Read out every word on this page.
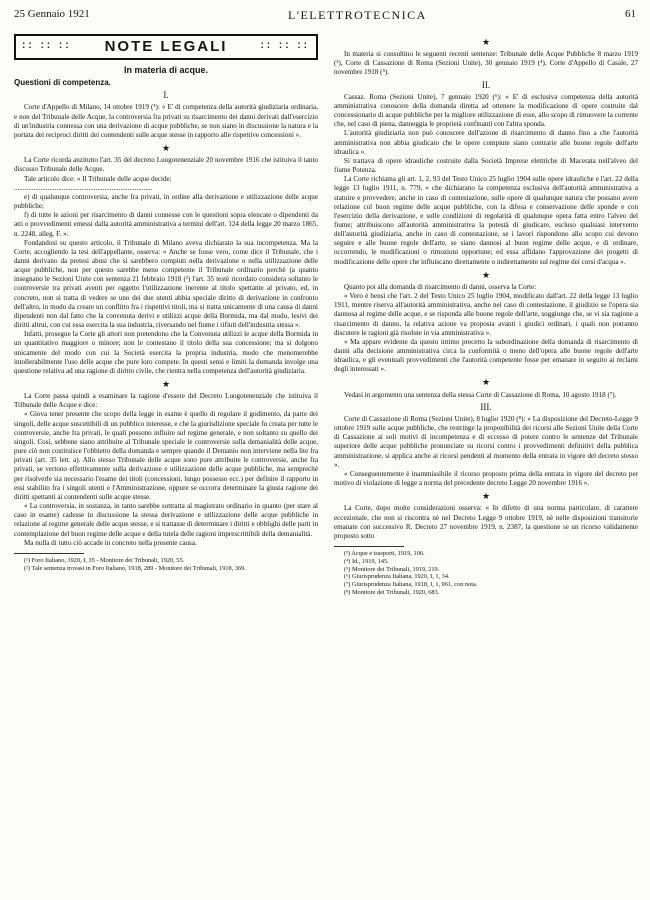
25 Gennaio 1921	L'ELETTROTECNICA	61
:: :: :: NOTE LEGALI	:: :: ::
In materia di acque.
Questioni di competenza.
I.

Corte d'Appello di Milano, 14 ottobre 1919 (¹): « E' di competenza della autorità giudiziaria ordinaria, e non del Tribunale delle Acque, la controversia fra privati su risarcimento dei danni derivati dall'esercizio di un'industria connessa con una derivazione di acque pubbliche, se non siano in discussione la natura e la portata dei reciproci diritti dei contendenti sulle acque stesse in rapporto alle rispettive concessioni ».

★

La Corte ricorda anzitutto l'art. 35 del decreto Luogotenenziale 20 novembre 1916 che istituiva il tanto discusso Tribunale delle Acque.

Tale articolo dice: « Il Tribunale delle acque decide:

..............................................................................

e) di qualunque controversia, anche fra privati, in ordine alla derivazione e utilizzazione delle acque pubbliche;

f) di tutte le azioni per risarcimento di danni connesse con le questioni sopra elencate o dipendenti da atti o provvedimenti emessi dalla autorità amministrativa a termini dell'art. 124 della legge 20 marzo 1865, n. 2248, alleg. F. ».

Fondandosi su questo articolo, il Tribunale di Milano aveva dichiarato la sua incompetenza. Ma la Corte, accogliendo la tesi dell'appellante, osserva: « Anche se fosse vero, come dice il Tribunale, che i danni derivano da pretesi abusi che si sarebbero compiuti nella derivazione o nella utilizzazione delle acque pubbliche, non per questo sarebbe meno competente il Tribunale ordinario perchè (a quanto insegnano le Sezioni Unite con sentenza 21 febbraio 1918 (²) l'art. 35 testè ricordato considera soltanto le controversie tra privati aventi per oggetto l'utilizzazione inerente al titolo spettante al privato, ed, in concreto, non si tratta di vedere se uno dei due utenti abbia speciale diritto di derivazione in confronto dell'altro, in modo da creare un conflitto fra i rispettivi titoli, ma si tratta unicamente di una causa di danni dipendenti non dal fatto che la convenuta derivi e utilizzi acque della Bormida, ma dal modo, lesivi dei diritti altrui, con cui essa esercita la sua industria, riversando nel fiume i rifiuti dell'industria stessa ».

Infatti, prosegue la Corte gli attori non pretendono che la Convenuta utilizzi le acque della Bormida in un quantitativo maggiore o minore; non le contestano il titolo della sua concessione; ma si dolgono unicamente del modo con cui la Società esercita la propria industria, modo che menomerebbe intollerabilmente l'uso delle acque che pure loro compete. In questi sensi e limiti la domanda involge una questione relativa ad una ragione di diritto civile, che rientra nella competenza dell'autorità giudiziaria.

★

La Corte passa quindi a esaminare la ragione d'essere del Decreto Luogotenenziale che istituiva il Tribunale delle Acque e dice:

« Giova tener presente che scopo della legge in esame è quello di regolare il godimento, da parte dei singoli, delle acque suscettibili di un pubblico interesse, e che la giurisdizione speciale fu creata per tutte le controversie, anche fra privati, le quali possono influire sul regime generale, e non soltanto su quello dei singoli. Così, sebbene siano attribuite al Tribunale speciale le controversie sulla demanialità delle acque, pure ciò non costituisce l'obbietto della domanda e sempre quando il Demanio non interviene nella lite fra privati (art. 35 lett. a). Allo stesso Tribunale delle acque sono pure attribuite le controversie, anche fra privati, se vertono effettivamente sulla derivazione e utilizzazione delle acque pubbliche, ma semprechè per risolverle sia necessario l'esame dei titoli (concessioni, lungo possesso ecc.) per definire il rapporto in essi stabilito fra i singoli utenti e l'Amministrazione, oppure se occorra determinare la giusta ragione dei diritti spettanti ai contendenti sulle acque stesse.

« La controversia, in sostanza, in tanto sarebbe sottratta al magistrato ordinario in quanto (per stare al caso in esame) cadesse in discussione la stessa derivazione e utilizzazione delle acque pubbliche in relazione al regime generale delle acque stesse, e si trattasse di determinare i diritti e obblighi delle parti in contemplazione del buon regime delle acque e della tutela delle ragioni imprescrittibili della demanialità.

Ma nulla di tutto ciò accade in concreto nella presente causa.

(¹) Foro Italiano, 1920, I, 35 - Monitore dei Tribunali, 1920, 55.

(²) Tale sentenza trovasi in Foro Italiano, 1918, 289 - Monitore dei Tribunali, 1918, 369.

★

In materia si consultino le seguenti recenti sentenze: Tribunale delle Acque Pubbliche 8 marzo 1919 (³), Corte di Cassazione di Roma (Sezioni Unite), 30 gennaio 1919 (⁴), Corte d'Appello di Casale, 27 novembre 1918 (⁵).

II.

Cassaz. Roma (Sezioni Unite), 7 gennaio 1920 (⁶): « E' di esclusiva competenza della autorità amministrativa conoscere della domanda diretta ad ottenere la modificazione di opere costruite dal concessionario di acque pubbliche per la migliore utilizzazione di esse, allo scopo di rimuovere la corrente che, nel caso di piena, danneggia le proprietà confinanti con l'altra sponda.

L'autorità giudiziaria non può conoscere dell'azione di risarcimento di danno fino a che l'autorità amministrativa non abbia giudicato che le opere compiute siano contrarie alle buone regole dell'arte idraulica ».

Si trattava di opere idrauliche costruite dalla Società Imprese elettriche di Macerata nell'alveo del fiume Potenza.

La Corte richiama gli art. 1, 2, 93 del Testo Unico 25 luglio 1904 sulle opere idrauliche e l'art. 22 della legge 13 luglio 1911, n. 779, « che dichiarano la competenza esclusiva dell'autorità amministrativa a statuire e provvedere, anche in caso di contestazione, sulle opere di qualunque natura che possano avere relazione col buon regime delle acque pubbliche, con la difesa e conservazione delle sponde e con l'esercizio della derivazione, e sulle condizioni di regolarità di qualunque opera fatta entro l'alveo del fiume; attribuiscono all'autorità amministrativa la potestà di giudicare, escluso qualsiasi intervento dell'autorità giudiziaria, anche in caso di contestazione, se i lavori rispondono allo scopo cui devono seguire e alle buone regole dell'arte, se siano dannosi al buon regime delle acque, e di ordinare, occorrendo, le modificazioni o rimozioni opportune; ed essa affidano l'approvazione dei progetti di modificazione delle opere che influiscano direttamente o indirettamente sul regime dei corsi d'acqua ».

★

Quanto poi alla domanda di risarcimento di danni, osserva la Corte:

« Vero è bensì che l'art. 2 del Testo Unico 25 luglio 1904, modificato dall'art. 22 della legge 13 luglio 1911, mentre riserva all'autorità amministrativa, anche nel caso di contestazione, il giudizio se l'opera sia dannosa al regime delle acque, e se risponda alle buone regole dell'arte, soggiunge che, se vi sia ragione a risarcimento di danno, la relativa azione va proposta avanti i giudici ordinari, i quali non potranno discutere le ragioni già risolute in via amministrativa ».

« Ma appare evidente da questo intimo precetto la subordinazione della domanda di risarcimento di danni alla decisione amministrativa circa la conformità o meno dell'opera alle buone regole dell'arte idraulica, e gli eventuali provvedimenti che l'autorità competente fosse per emanare in seguito ai reclami degli interessati ».

★

Vedasi in argomento una sentenza della stessa Corte di Cassazione di Roma, 10 agosto 1918 (⁷).

III.

Corte di Cassazione di Roma (Sezioni Unite), 8 luglio 1920 (⁸): « La disposizione del Decreto-Legge 9 ottobre 1919 sulle acque pubbliche, che restringe la proponibilità dei ricorsi alle Sezioni Unite della Corte di Cassazione ai soli motivi di incompetenza e di eccesso di potere contro le sentenze del Tribunale superiore delle acque pubbliche pronunciate su ricorsi contro i provvedimenti definitivi della pubblica amministrazione, si applica anche ai ricorsi pendenti al momento della entrata in vigore del decreto stesso ».

« Conseguentemente è inammissibile il ricorso proposto prima della entrata in vigore del decreto per motivo di violazione di legge a norma del precedente decreto Legge 20 novembre 1916 ».

★

La Corte, dopo molte considerazioni osserva: « In difetto di una norma particolare, di carattere eccezionale, che non si riscontra nè nel Decreto Legge 9 ottobre 1919, nè nelle disposizioni transitorie emanate con successivo R. Decreto 27 novembre 1919, n. 2387, la questione se un ricorso validamente proposto sotto

(³) Acque e trasporti, 1919, 106.

(⁴) Id., 1919, 145.

(⁵) Monitore dei Tribunali, 1919, 219.

(⁶) Giurisprudenza Italiana, 1920, I, 1, 34.

(⁷) Giurisprudenza Italiana, 1918, I, 1, 961, con nota.

(⁸) Monitore dei Tribunali, 1920, 683.
